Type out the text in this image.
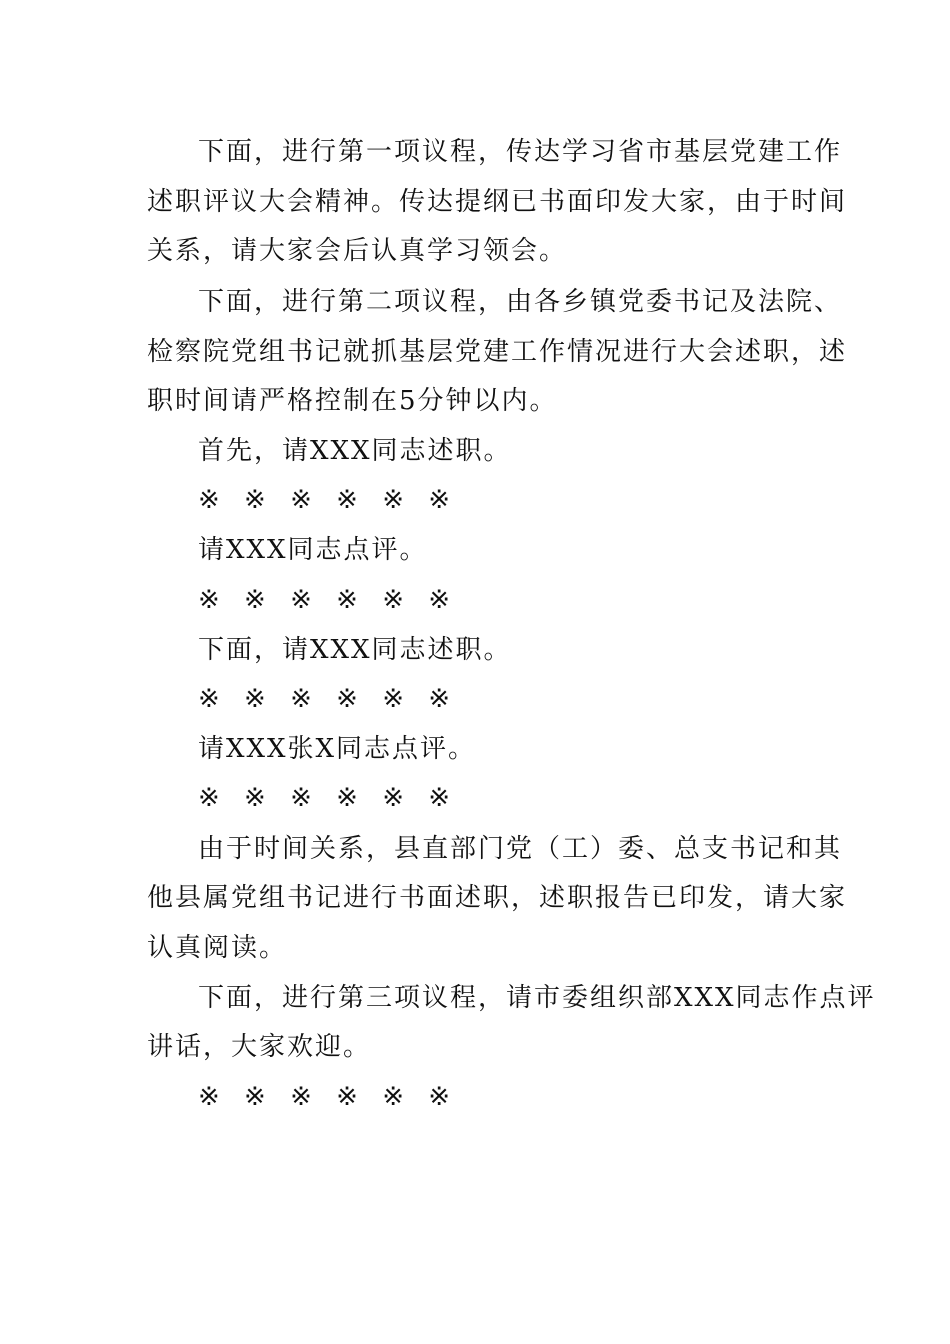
下面，进行第一项议程，传达学习省市基层党建工作
述职评议大会精神。传达提纲已书面印发大家，由于时间
关系，请大家会后认真学习领会。
下面，进行第二项议程，由各乡镇党委书记及法院、
检察院党组书记就抓基层党建工作情况进行大会述职，述
职时间请严格控制在5分钟以内。
首先，请XXX同志述职。
※ ※ ※ ※ ※ ※
请XXX同志点评。
※ ※ ※ ※ ※ ※
下面，请XXX同志述职。
※ ※ ※ ※ ※ ※
请XXX张X同志点评。
※ ※ ※ ※ ※ ※
由于时间关系，县直部门党（工）委、总支书记和其
他县属党组书记进行书面述职，述职报告已印发，请大家
认真阅读。
下面，进行第三项议程，请市委组织部XXX同志作点评
讲话，大家欢迎。
※ ※ ※ ※ ※ ※
